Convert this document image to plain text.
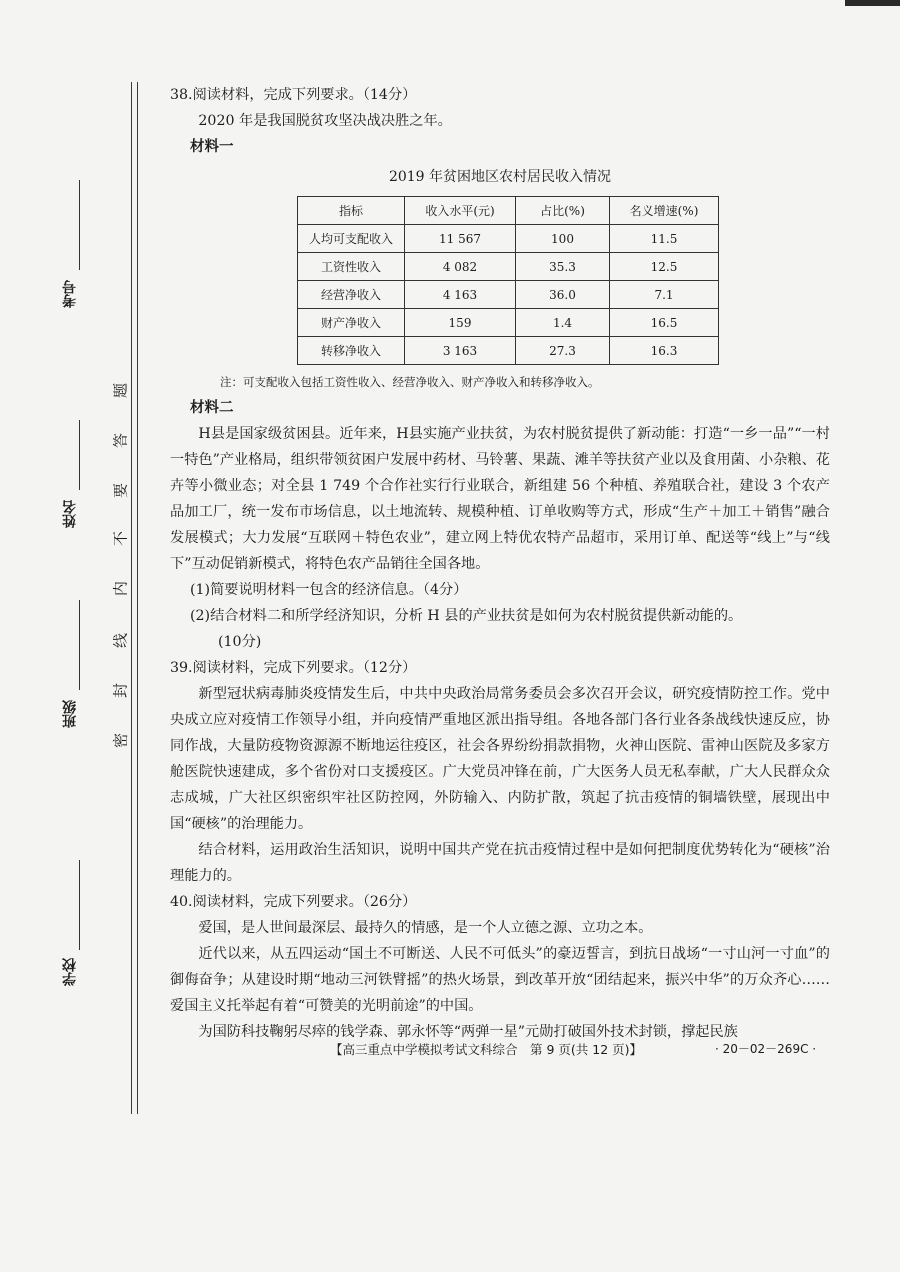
考号
姓名
班级
学校
题
答
要
不
内
线
封
密

38.阅读材料，完成下列要求。（14分）

2020 年是我国脱贫攻坚决战决胜之年。

材料一

2019 年贫困地区农村居民收入情况

指标	收入水平(元)	占比(%)	名义增速(%)
人均可支配收入	11 567	100	11.5
工资性收入	4 082	35.3	12.5
经营净收入	4 163	36.0	7.1
财产净收入	159	1.4	16.5
转移净收入	3 163	27.3	16.3

注：可支配收入包括工资性收入、经营净收入、财产净收入和转移净收入。

材料二

H县是国家级贫困县。近年来，H县实施产业扶贫，为农村脱贫提供了新动能：打造“一乡一品”“一村一特色”产业格局，组织带领贫困户发展中药材、马铃薯、果蔬、滩羊等扶贫产业以及食用菌、小杂粮、花卉等小微业态；对全县 1 749 个合作社实行行业联合，新组建 56 个种植、养殖联合社，建设 3 个农产品加工厂，统一发布市场信息，以土地流转、规模种植、订单收购等方式，形成“生产＋加工＋销售”融合发展模式；大力发展“互联网＋特色农业”，建立网上特优农特产品超市，采用订单、配送等“线上”与“线下”互动促销新模式，将特色农产品销往全国各地。

(1)简要说明材料一包含的经济信息。（4分）

(2)结合材料二和所学经济知识，分析 H 县的产业扶贫是如何为农村脱贫提供新动能的。

(10分)

39.阅读材料，完成下列要求。（12分）

新型冠状病毒肺炎疫情发生后，中共中央政治局常务委员会多次召开会议，研究疫情防控工作。党中央成立应对疫情工作领导小组，并向疫情严重地区派出指导组。各地各部门各行业各条战线快速反应，协同作战，大量防疫物资源源不断地运往疫区，社会各界纷纷捐款捐物，火神山医院、雷神山医院及多家方舱医院快速建成，多个省份对口支援疫区。广大党员冲锋在前，广大医务人员无私奉献，广大人民群众众志成城，广大社区织密织牢社区防控网，外防输入、内防扩散，筑起了抗击疫情的铜墙铁壁，展现出中国“硬核”的治理能力。

结合材料，运用政治生活知识，说明中国共产党在抗击疫情过程中是如何把制度优势转化为“硬核”治理能力的。

40.阅读材料，完成下列要求。（26分）

爱国，是人世间最深层、最持久的情感，是一个人立德之源、立功之本。

近代以来，从五四运动“国土不可断送、人民不可低头”的豪迈誓言，到抗日战场“一寸山河一寸血”的御侮奋争；从建设时期“地动三河铁臂摇”的热火场景，到改革开放“团结起来，振兴中华”的万众齐心……爱国主义托举起有着“可赞美的光明前途”的中国。

为国防科技鞠躬尽瘁的钱学森、郭永怀等“两弹一星”元勋打破国外技术封锁，撑起民族

【高三重点中学模拟考试文科综合　第 9 页(共 12 页)】	· 20－02－269C ·
